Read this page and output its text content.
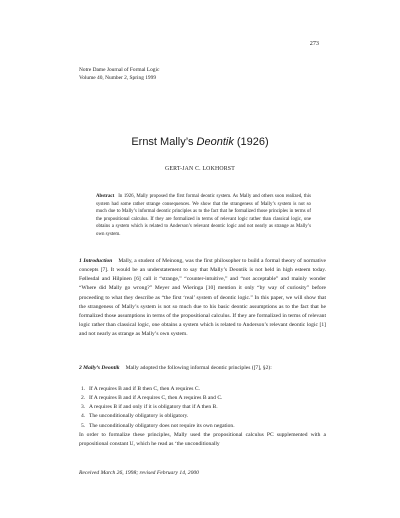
273
Notre Dame Journal of Formal Logic
Volume 40, Number 2, Spring 1999
Ernst Mally’s Deontik (1926)
GERT-JAN C. LOKHORST
Abstract In 1926, Mally proposed the first formal deontic system. As Mally and others soon realized, this system had some rather strange consequences. We show that the strangeness of Mally’s system is not so much due to Mally’s informal deontic principles as to the fact that he formalized those principles in terms of the propositional calculus. If they are formalized in terms of relevant logic rather than classical logic, one obtains a system which is related to Anderson’s relevant deontic logic and not nearly as strange as Mally’s own system.
1 Introduction Mally, a student of Meinong, was the first philosopher to build a formal theory of normative concepts [7]. It would be an understatement to say that Mally’s Deontik is not held in high esteem today. Føllesdal and Hilpinen [6] call it “strange,” “counter-intuitive,” and “not acceptable” and mainly wonder “Where did Mally go wrong?” Meyer and Wieringa [10] mention it only “by way of curiosity” before proceeding to what they describe as “the first ‘real’ system of deontic logic.” In this paper, we will show that the strangeness of Mally’s system is not so much due to his basic deontic assumptions as to the fact that he formalized those assumptions in terms of the propositional calculus. If they are formalized in terms of relevant logic rather than classical logic, one obtains a system which is related to Anderson’s relevant deontic logic [1] and not nearly as strange as Mally’s own system.
2 Mally’s Deontik Mally adopted the following informal deontic principles ([7], §2):
1. If A requires B and if B then C, then A requires C.
2. If A requires B and if A requires C, then A requires B and C.
3. A requires B if and only if it is obligatory that if A then B.
4. The unconditionally obligatory is obligatory.
5. The unconditionally obligatory does not require its own negation.
In order to formalize these principles, Mally used the propositional calculus PC supplemented with a propositional constant U, which he read as ‘the unconditionally
Received March 26, 1998; revised February 14, 2000
